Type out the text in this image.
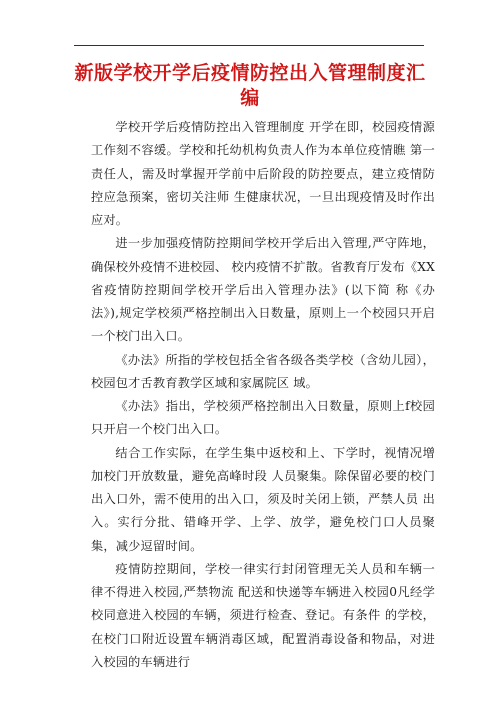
新版学校开学后疫情防控出入管理制度汇编

学校开学后疫情防控出入管理制度 开学在即，校园疫情源工作刻不容缓。学校和托幼机构负责人作为本单位疫情瞧 第一责任人，需及时掌握开学前中后阶段的防控要点，建立疫情防控应急预案，密切关注师 生健康状况，一旦出现疫情及时作出应对。

进一步加强疫情防控期间学校开学后出入管理,严守阵地，确保校外疫情不进校园、 校内疫情不扩散。省教育厅发布《XX省疫情防控期间学校开学后出入管理办法》(以下简 称《办法》),规定学校须严格控制出入日数量，原则上一个校园只开启一个校门出入口。

《办法》所指的学校包括全省各级各类学校（含幼儿园），校园包才舌教育教学区域和家属院区 域。

《办法》指出，学校须严格控制出入日数量，原则上f校园只开启一个校门出入口。

结合工作实际，在学生集中返校和上、下学时，视情况增加校门开放数量，避免高峰时段 人员聚集。除保留必要的校门出入口外，需不使用的出入口，须及时关闭上锁，严禁人员 出入。实行分批、错峰开学、上学、放学，避免校门口人员聚集，减少逗留时间。

疫情防控期间，学校一律实行封闭管理无关人员和车辆一律不得进入校园,严禁物流 配送和快递等车辆进入校园0凡经学校同意进入校园的车辆，须进行检查、登记。有条件 的学校，在校门口附近设置车辆消毒区域，配置消毒设备和物品，对进入校园的车辆进行
